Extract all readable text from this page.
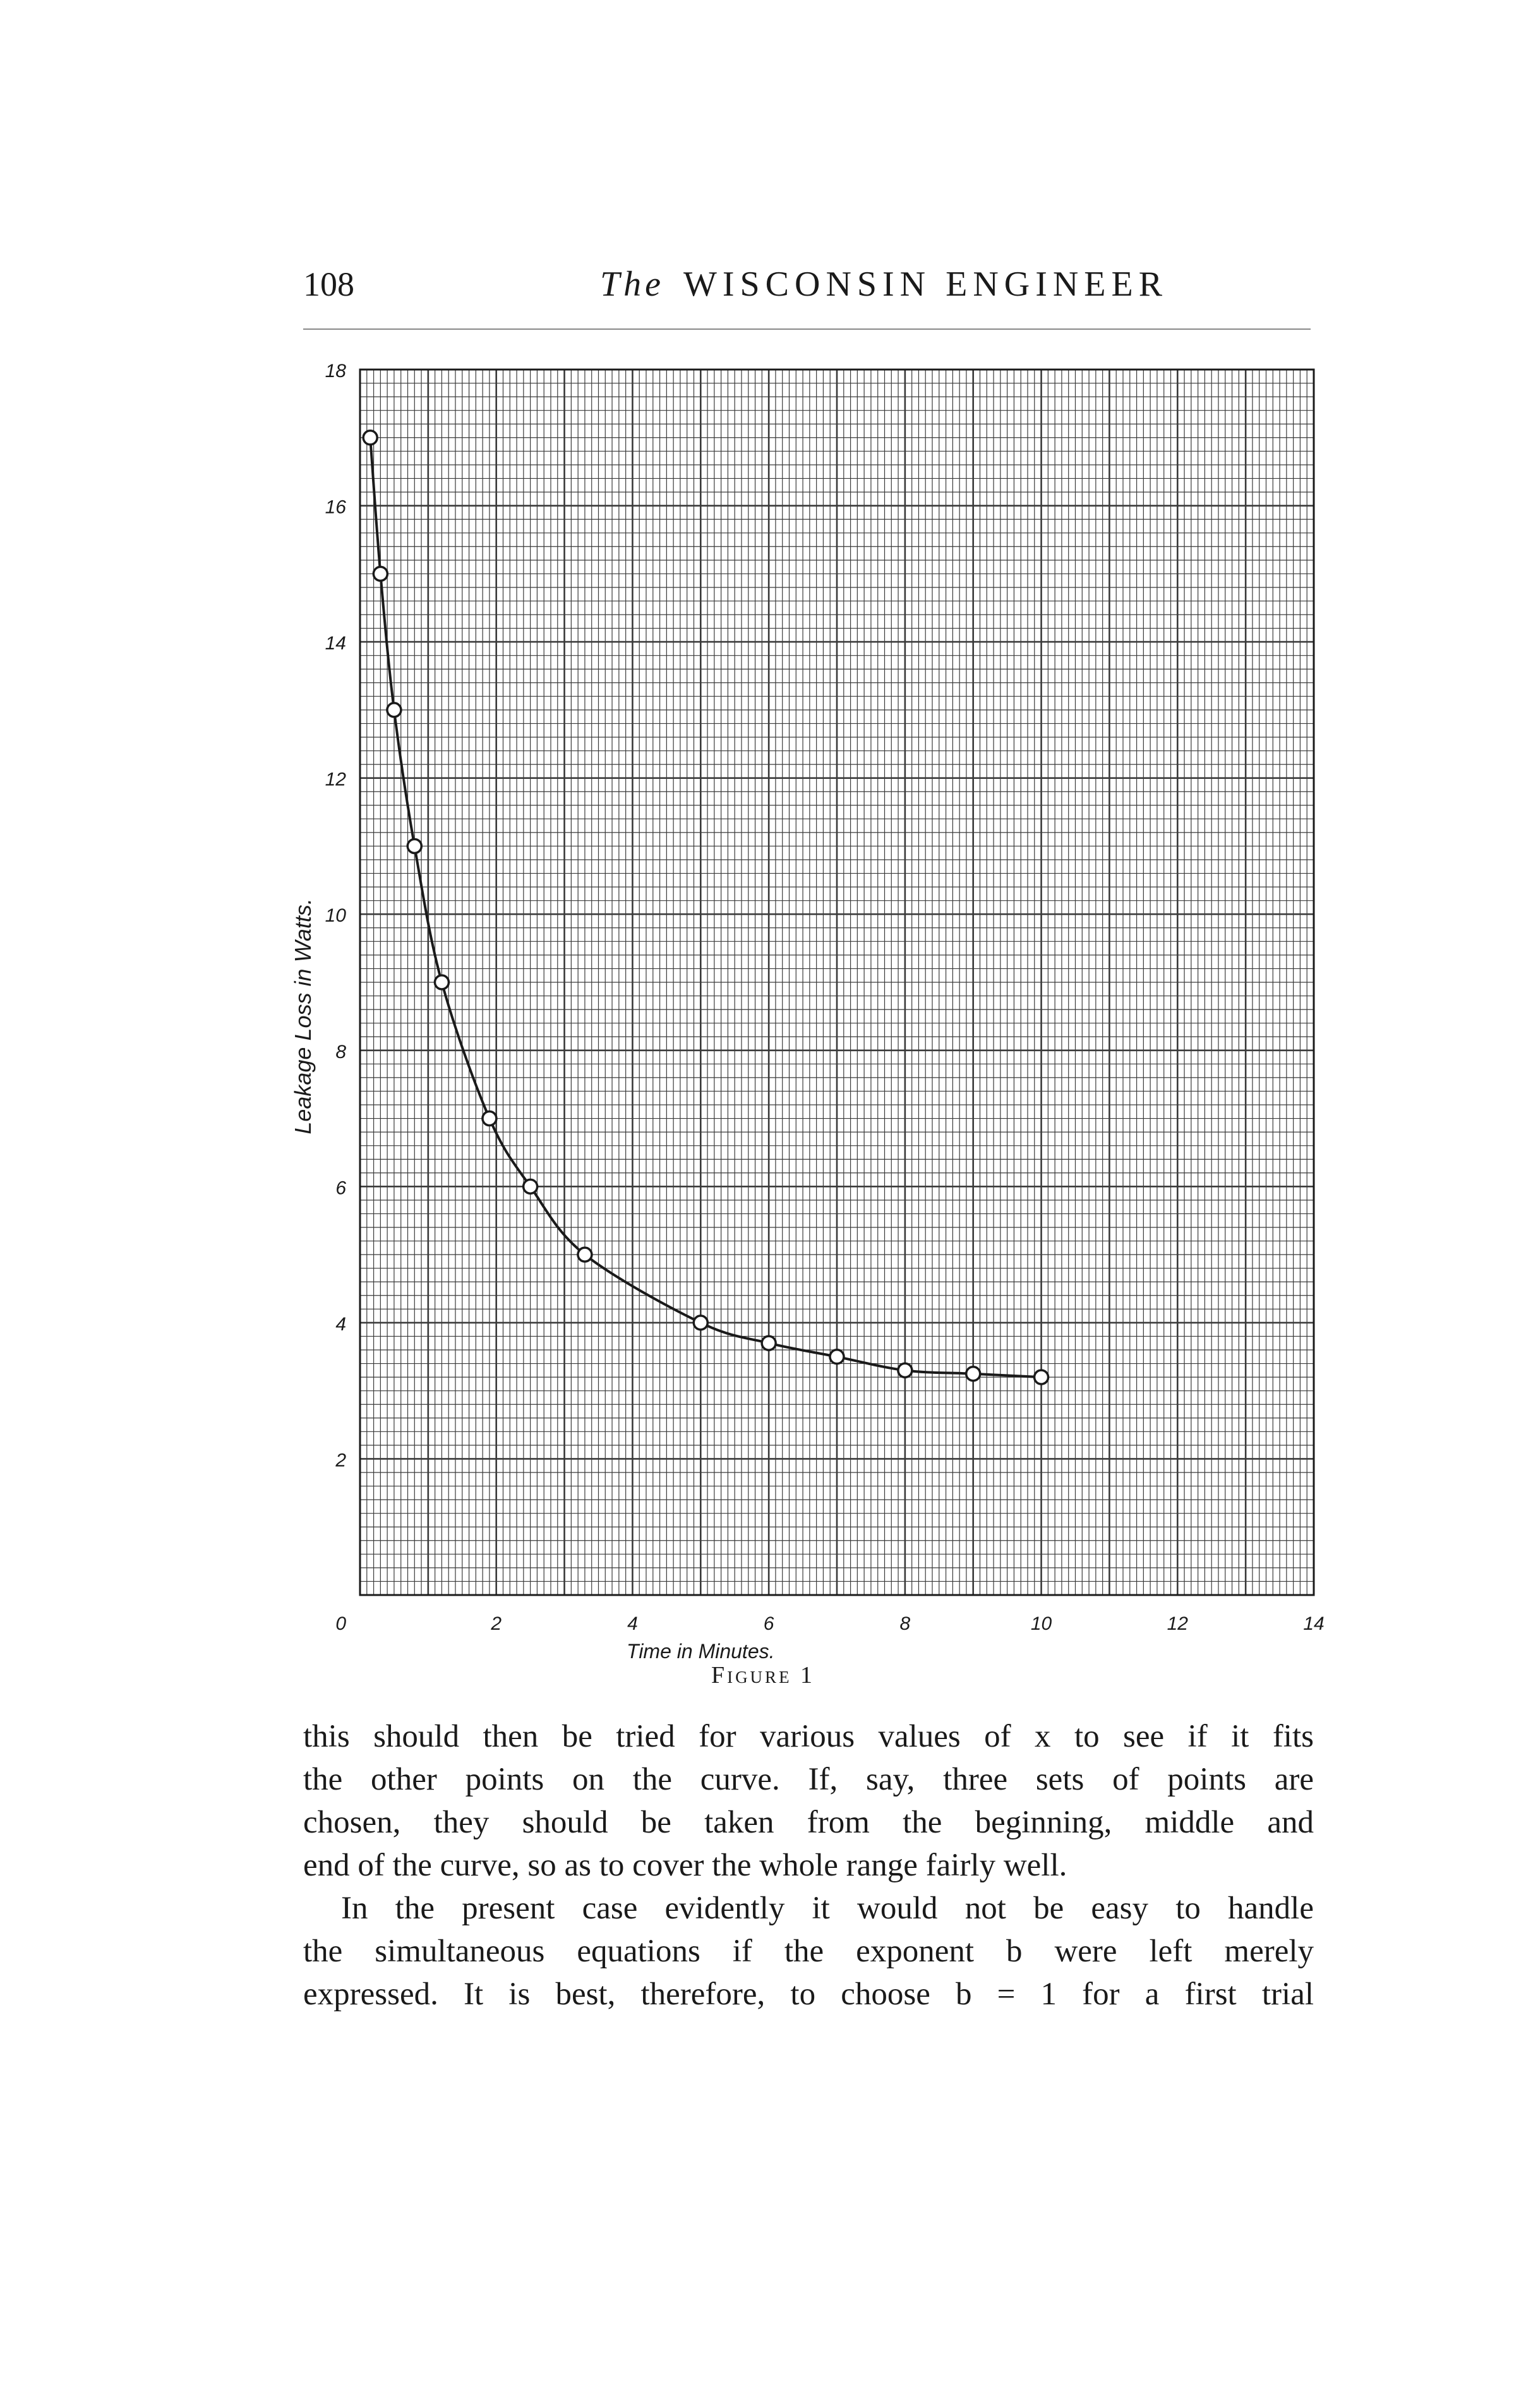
108	The WISCONSIN ENGINEER
2	4	6	8	10	12	14
0
2
4
6
8
10
12
14
16
18
Time in Minutes.
Leakage Loss in Watts.
Figure 1

this should then be tried for various values of x to see if it fits

the other points on the curve. If, say, three sets of points are

chosen, they should be taken from the beginning, middle and

end of the curve, so as to cover the whole range fairly well.

In the present case evidently it would not be easy to handle

the simultaneous equations if the exponent b were left merely

expressed. It is best, therefore, to choose b = 1 for a first trial
